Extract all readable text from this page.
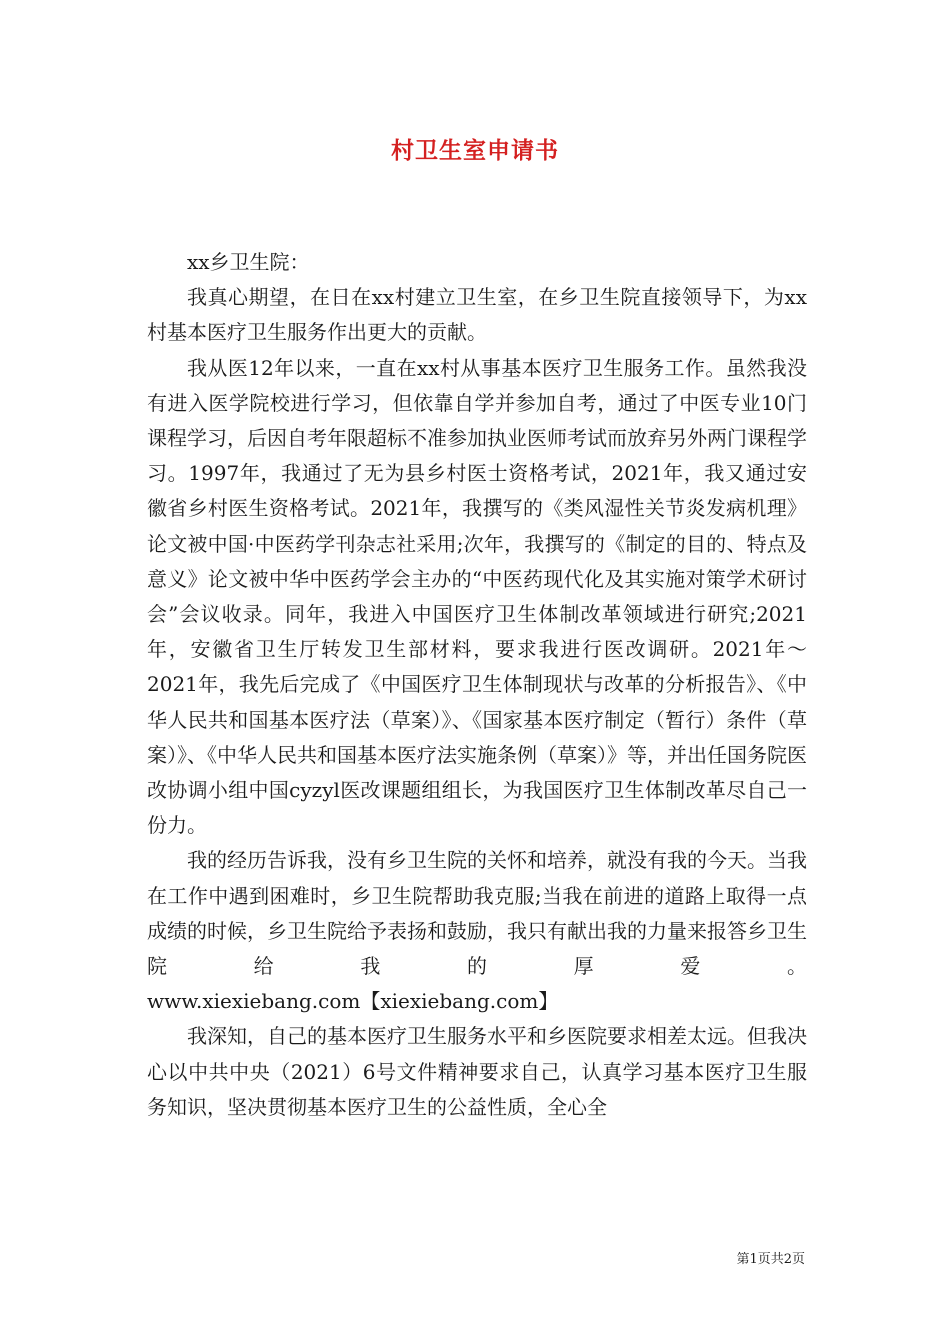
村卫生室申请书

xx乡卫生院：

我真心期望，在日在xx村建立卫生室，在乡卫生院直接领导下，为xx村基本医疗卫生服务作出更大的贡献。

我从医12年以来，一直在xx村从事基本医疗卫生服务工作。虽然我没有进入医学院校进行学习，但依靠自学并参加自考，通过了中医专业10门课程学习，后因自考年限超标不准参加执业医师考试而放弃另外两门课程学习。1997年，我通过了无为县乡村医士资格考试，2021年，我又通过安徽省乡村医生资格考试。2021年，我撰写的《类风湿性关节炎发病机理》论文被中国·中医药学刊杂志社采用;次年，我撰写的《制定的目的、特点及意义》论文被中华中医药学会主办的“中医药现代化及其实施对策学术研讨会”会议收录。同年，我进入中国医疗卫生体制改革领域进行研究;2021年，安徽省卫生厅转发卫生部材料，要求我进行医改调研。2021年～2021年，我先后完成了《中国医疗卫生体制现状与改革的分析报告》、《中华人民共和国基本医疗法（草案）》、《国家基本医疗制定（暂行）条件（草案）》、《中华人民共和国基本医疗法实施条例（草案）》等，并出任国务院医改协调小组中国cyzyl医改课题组组长，为我国医疗卫生体制改革尽自己一份力。

我的经历告诉我，没有乡卫生院的关怀和培养，就没有我的今天。当我在工作中遇到困难时，乡卫生院帮助我克服;当我在前进的道路上取得一点成绩的时候，乡卫生院给予表扬和鼓励，我只有献出我的力量来报答乡卫生院给我的厚爱。

www.xiexiebang.com【xiexiebang.com】

我深知，自己的基本医疗卫生服务水平和乡医院要求相差太远。但我决心以中共中央（2021）6号文件精神要求自己，认真学习基本医疗卫生服务知识，坚决贯彻基本医疗卫生的公益性质，全心全

第1页共2页
